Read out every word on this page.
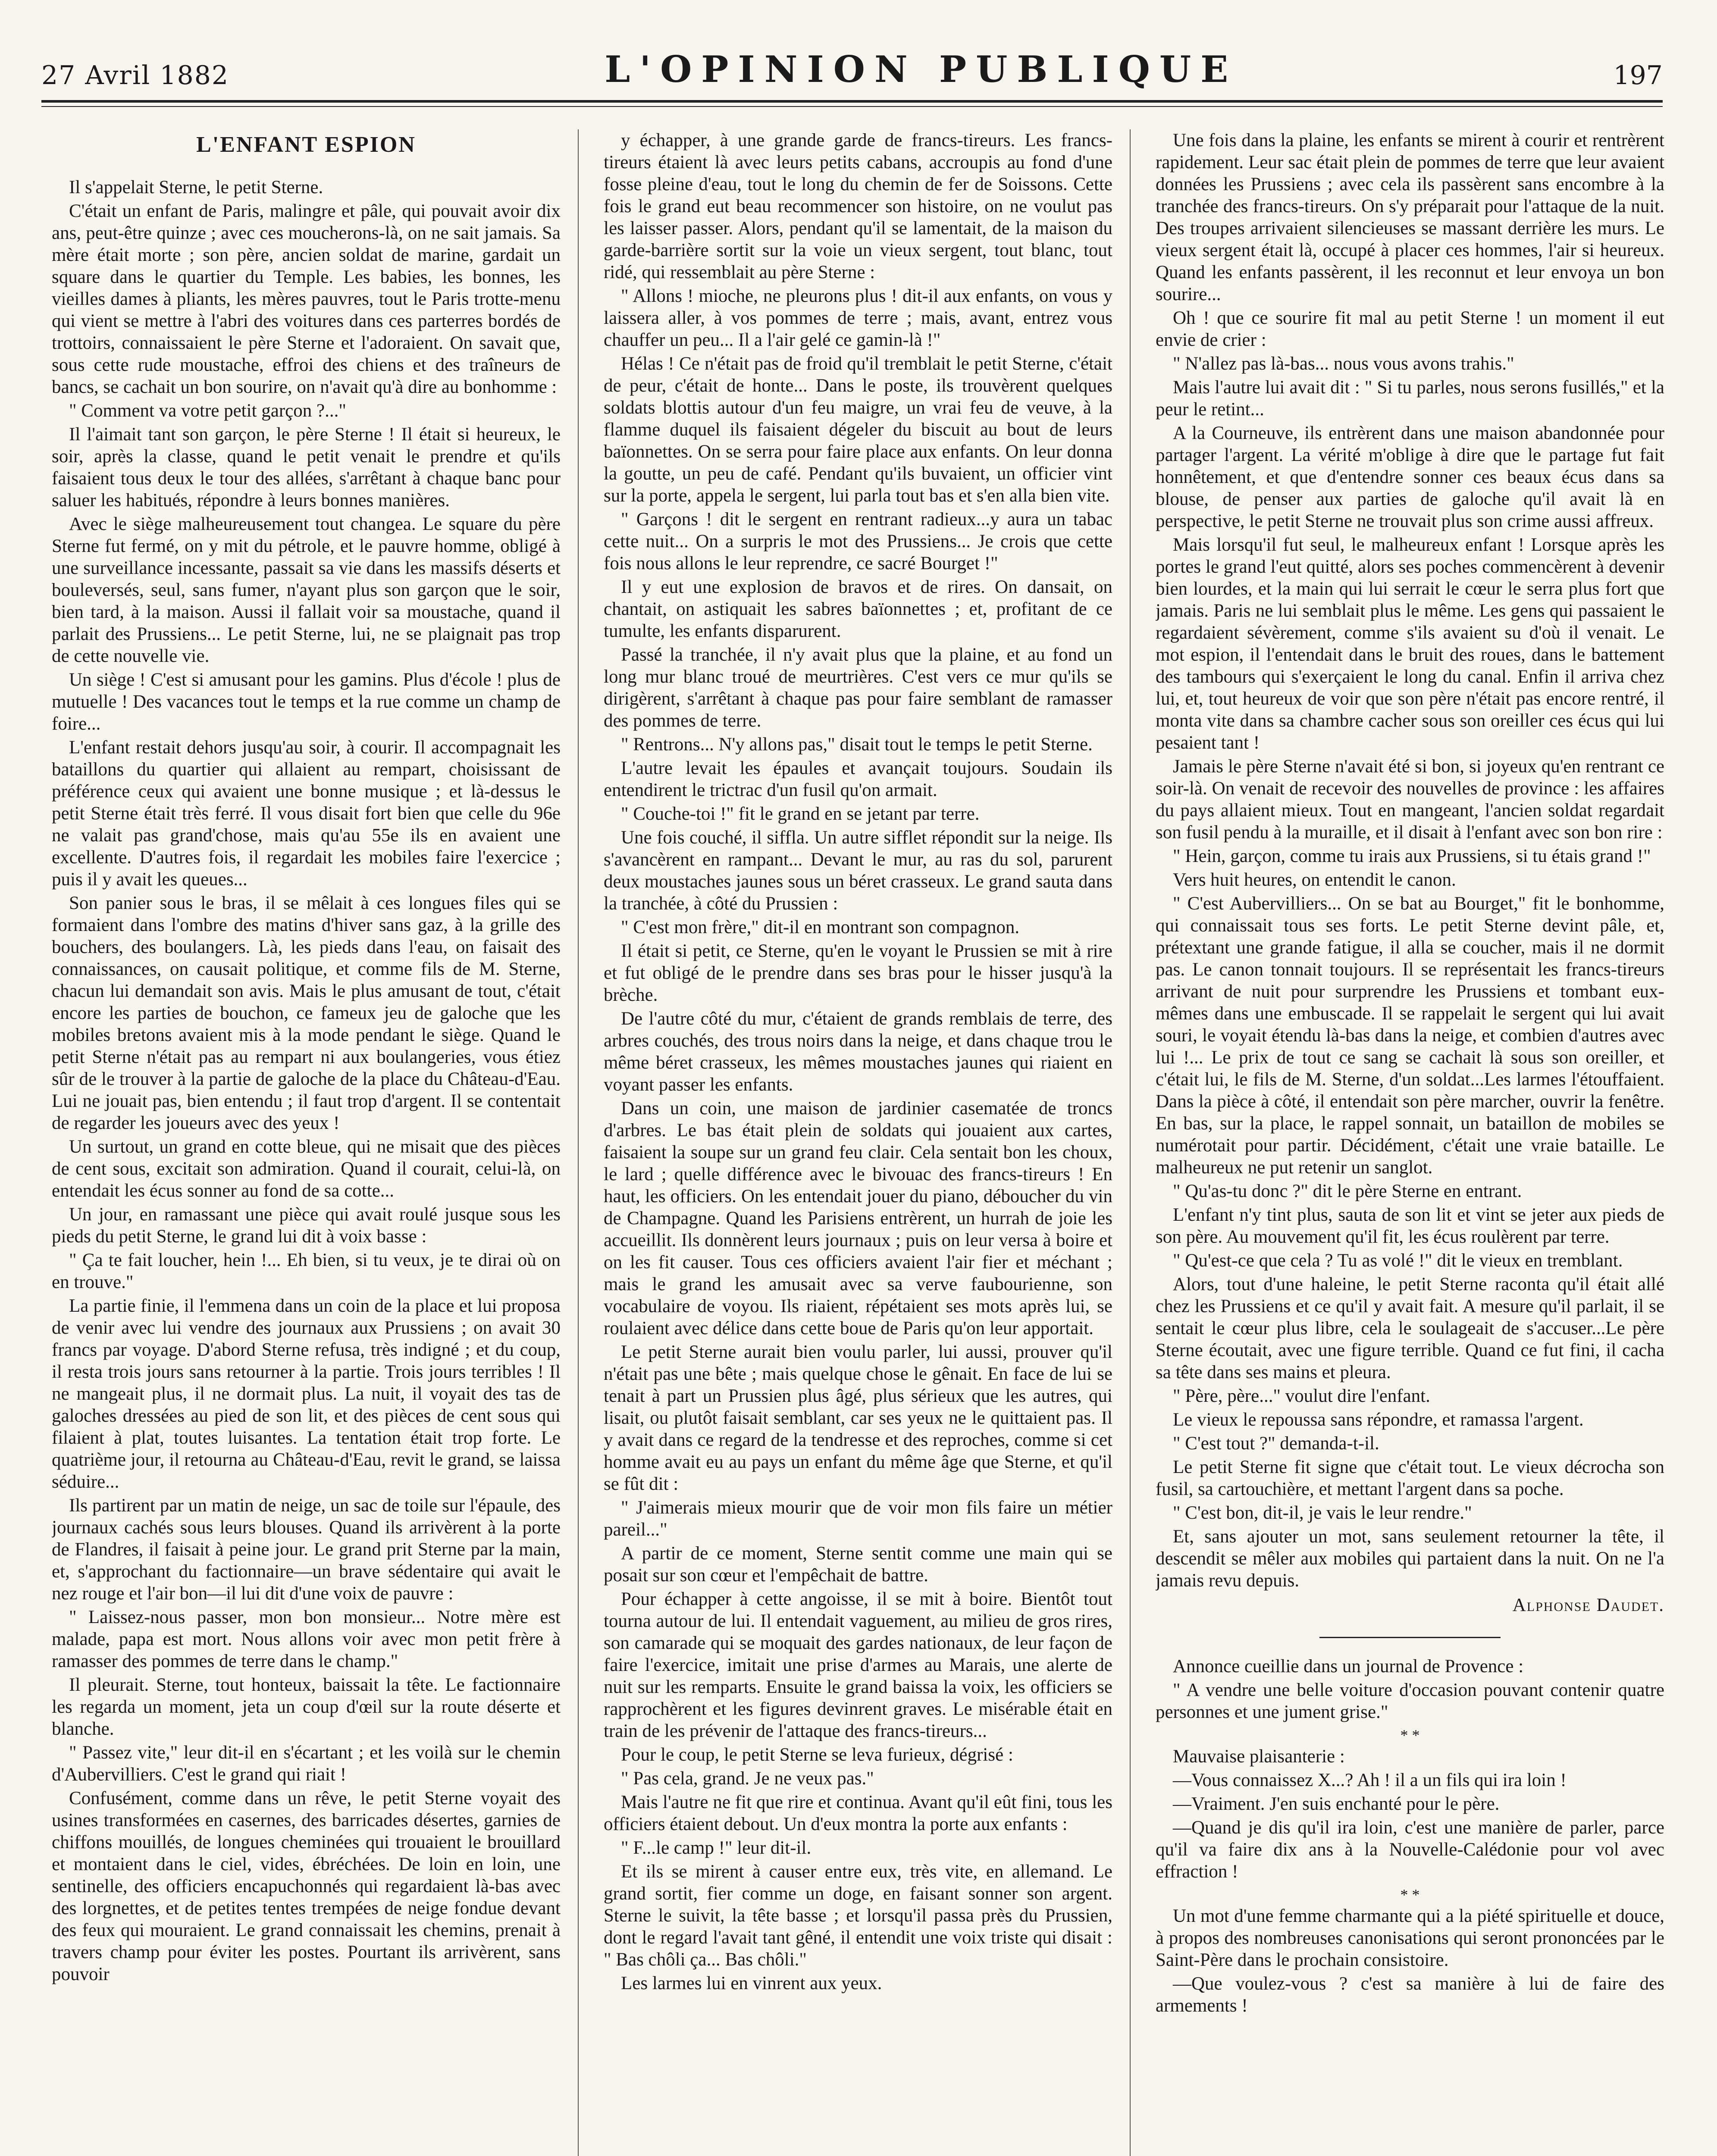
27 Avril 1882	L'OPINION PUBLIQUE	197
L'ENFANT ESPION

Il s'appelait Sterne, le petit Sterne.

C'était un enfant de Paris, malingre et pâle, qui pouvait avoir dix ans, peut-être quinze ; avec ces moucherons-là, on ne sait jamais. Sa mère était morte ; son père, ancien soldat de marine, gardait un square dans le quartier du Temple. Les babies, les bonnes, les vieilles dames à pliants, les mères pauvres, tout le Paris trotte-menu qui vient se mettre à l'abri des voitures dans ces parterres bordés de trottoirs, connaissaient le père Sterne et l'adoraient. On savait que, sous cette rude moustache, effroi des chiens et des traîneurs de bancs, se cachait un bon sourire, on n'avait qu'à dire au bonhomme :

" Comment va votre petit garçon ?..."

Il l'aimait tant son garçon, le père Sterne ! Il était si heureux, le soir, après la classe, quand le petit venait le prendre et qu'ils faisaient tous deux le tour des allées, s'arrêtant à chaque banc pour saluer les habitués, répondre à leurs bonnes manières.

Avec le siège malheureusement tout changea. Le square du père Sterne fut fermé, on y mit du pétrole, et le pauvre homme, obligé à une surveillance incessante, passait sa vie dans les massifs déserts et bouleversés, seul, sans fumer, n'ayant plus son garçon que le soir, bien tard, à la maison. Aussi il fallait voir sa moustache, quand il parlait des Prussiens... Le petit Sterne, lui, ne se plaignait pas trop de cette nouvelle vie.

Un siège ! C'est si amusant pour les gamins. Plus d'école ! plus de mutuelle ! Des vacances tout le temps et la rue comme un champ de foire...

L'enfant restait dehors jusqu'au soir, à courir. Il accompagnait les bataillons du quartier qui allaient au rempart, choisissant de préférence ceux qui avaient une bonne musique ; et là-dessus le petit Sterne était très ferré. Il vous disait fort bien que celle du 96e ne valait pas grand'chose, mais qu'au 55e ils en avaient une excellente. D'autres fois, il regardait les mobiles faire l'exercice ; puis il y avait les queues...

Son panier sous le bras, il se mêlait à ces longues files qui se formaient dans l'ombre des matins d'hiver sans gaz, à la grille des bouchers, des boulangers. Là, les pieds dans l'eau, on faisait des connaissances, on causait politique, et comme fils de M. Sterne, chacun lui demandait son avis. Mais le plus amusant de tout, c'était encore les parties de bouchon, ce fameux jeu de galoche que les mobiles bretons avaient mis à la mode pendant le siège. Quand le petit Sterne n'était pas au rempart ni aux boulangeries, vous étiez sûr de le trouver à la partie de galoche de la place du Château-d'Eau. Lui ne jouait pas, bien entendu ; il faut trop d'argent. Il se contentait de regarder les joueurs avec des yeux !

Un surtout, un grand en cotte bleue, qui ne misait que des pièces de cent sous, excitait son admiration. Quand il courait, celui-là, on entendait les écus sonner au fond de sa cotte...

Un jour, en ramassant une pièce qui avait roulé jusque sous les pieds du petit Sterne, le grand lui dit à voix basse :

" Ça te fait loucher, hein !... Eh bien, si tu veux, je te dirai où on en trouve."

La partie finie, il l'emmena dans un coin de la place et lui proposa de venir avec lui vendre des journaux aux Prussiens ; on avait 30 francs par voyage. D'abord Sterne refusa, très indigné ; et du coup, il resta trois jours sans retourner à la partie. Trois jours terribles ! Il ne mangeait plus, il ne dormait plus. La nuit, il voyait des tas de galoches dressées au pied de son lit, et des pièces de cent sous qui filaient à plat, toutes luisantes. La tentation était trop forte. Le quatrième jour, il retourna au Château-d'Eau, revit le grand, se laissa séduire...

Ils partirent par un matin de neige, un sac de toile sur l'épaule, des journaux cachés sous leurs blouses. Quand ils arrivèrent à la porte de Flandres, il faisait à peine jour. Le grand prit Sterne par la main, et, s'approchant du factionnaire—un brave sédentaire qui avait le nez rouge et l'air bon—il lui dit d'une voix de pauvre :

" Laissez-nous passer, mon bon monsieur... Notre mère est malade, papa est mort. Nous allons voir avec mon petit frère à ramasser des pommes de terre dans le champ."

Il pleurait. Sterne, tout honteux, baissait la tête. Le factionnaire les regarda un moment, jeta un coup d'œil sur la route déserte et blanche.

" Passez vite," leur dit-il en s'écartant ; et les voilà sur le chemin d'Aubervilliers. C'est le grand qui riait !

Confusément, comme dans un rêve, le petit Sterne voyait des usines transformées en casernes, des barricades désertes, garnies de chiffons mouillés, de longues cheminées qui trouaient le brouillard et montaient dans le ciel, vides, ébréchées. De loin en loin, une sentinelle, des officiers encapuchonnés qui regardaient là-bas avec des lorgnettes, et de petites tentes trempées de neige fondue devant des feux qui mouraient. Le grand connaissait les chemins, prenait à travers champ pour éviter les postes. Pourtant ils arrivèrent, sans pouvoir

y échapper, à une grande garde de francs-tireurs. Les francs-tireurs étaient là avec leurs petits cabans, accroupis au fond d'une fosse pleine d'eau, tout le long du chemin de fer de Soissons. Cette fois le grand eut beau recommencer son histoire, on ne voulut pas les laisser passer. Alors, pendant qu'il se lamentait, de la maison du garde-barrière sortit sur la voie un vieux sergent, tout blanc, tout ridé, qui ressemblait au père Sterne :

" Allons ! mioche, ne pleurons plus ! dit-il aux enfants, on vous y laissera aller, à vos pommes de terre ; mais, avant, entrez vous chauffer un peu... Il a l'air gelé ce gamin-là !"

Hélas ! Ce n'était pas de froid qu'il tremblait le petit Sterne, c'était de peur, c'était de honte... Dans le poste, ils trouvèrent quelques soldats blottis autour d'un feu maigre, un vrai feu de veuve, à la flamme duquel ils faisaient dégeler du biscuit au bout de leurs baïonnettes. On se serra pour faire place aux enfants. On leur donna la goutte, un peu de café. Pendant qu'ils buvaient, un officier vint sur la porte, appela le sergent, lui parla tout bas et s'en alla bien vite.

" Garçons ! dit le sergent en rentrant radieux...y aura un tabac cette nuit... On a surpris le mot des Prussiens... Je crois que cette fois nous allons le leur reprendre, ce sacré Bourget !"

Il y eut une explosion de bravos et de rires. On dansait, on chantait, on astiquait les sabres baïonnettes ; et, profitant de ce tumulte, les enfants disparurent.

Passé la tranchée, il n'y avait plus que la plaine, et au fond un long mur blanc troué de meurtrières. C'est vers ce mur qu'ils se dirigèrent, s'arrêtant à chaque pas pour faire semblant de ramasser des pommes de terre.

" Rentrons... N'y allons pas," disait tout le temps le petit Sterne.

L'autre levait les épaules et avançait toujours. Soudain ils entendirent le trictrac d'un fusil qu'on armait.

" Couche-toi !" fit le grand en se jetant par terre.

Une fois couché, il siffla. Un autre sifflet répondit sur la neige. Ils s'avancèrent en rampant... Devant le mur, au ras du sol, parurent deux moustaches jaunes sous un béret crasseux. Le grand sauta dans la tranchée, à côté du Prussien :

" C'est mon frère," dit-il en montrant son compagnon.

Il était si petit, ce Sterne, qu'en le voyant le Prussien se mit à rire et fut obligé de le prendre dans ses bras pour le hisser jusqu'à la brèche.

De l'autre côté du mur, c'étaient de grands remblais de terre, des arbres couchés, des trous noirs dans la neige, et dans chaque trou le même béret crasseux, les mêmes moustaches jaunes qui riaient en voyant passer les enfants.

Dans un coin, une maison de jardinier casematée de troncs d'arbres. Le bas était plein de soldats qui jouaient aux cartes, faisaient la soupe sur un grand feu clair. Cela sentait bon les choux, le lard ; quelle différence avec le bivouac des francs-tireurs ! En haut, les officiers. On les entendait jouer du piano, déboucher du vin de Champagne. Quand les Parisiens entrèrent, un hurrah de joie les accueillit. Ils donnèrent leurs journaux ; puis on leur versa à boire et on les fit causer. Tous ces officiers avaient l'air fier et méchant ; mais le grand les amusait avec sa verve faubourienne, son vocabulaire de voyou. Ils riaient, répétaient ses mots après lui, se roulaient avec délice dans cette boue de Paris qu'on leur apportait.

Le petit Sterne aurait bien voulu parler, lui aussi, prouver qu'il n'était pas une bête ; mais quelque chose le gênait. En face de lui se tenait à part un Prussien plus âgé, plus sérieux que les autres, qui lisait, ou plutôt faisait semblant, car ses yeux ne le quittaient pas. Il y avait dans ce regard de la tendresse et des reproches, comme si cet homme avait eu au pays un enfant du même âge que Sterne, et qu'il se fût dit :

" J'aimerais mieux mourir que de voir mon fils faire un métier pareil..."

A partir de ce moment, Sterne sentit comme une main qui se posait sur son cœur et l'empêchait de battre.

Pour échapper à cette angoisse, il se mit à boire. Bientôt tout tourna autour de lui. Il entendait vaguement, au milieu de gros rires, son camarade qui se moquait des gardes nationaux, de leur façon de faire l'exercice, imitait une prise d'armes au Marais, une alerte de nuit sur les remparts. Ensuite le grand baissa la voix, les officiers se rapprochèrent et les figures devinrent graves. Le misérable était en train de les prévenir de l'attaque des francs-tireurs...

Pour le coup, le petit Sterne se leva furieux, dégrisé :

" Pas cela, grand. Je ne veux pas."

Mais l'autre ne fit que rire et continua. Avant qu'il eût fini, tous les officiers étaient debout. Un d'eux montra la porte aux enfants :

" F...le camp !" leur dit-il.

Et ils se mirent à causer entre eux, très vite, en allemand. Le grand sortit, fier comme un doge, en faisant sonner son argent. Sterne le suivit, la tête basse ; et lorsqu'il passa près du Prussien, dont le regard l'avait tant gêné, il entendit une voix triste qui disait : " Bas chôli ça... Bas chôli."

Les larmes lui en vinrent aux yeux.

Une fois dans la plaine, les enfants se mirent à courir et rentrèrent rapidement. Leur sac était plein de pommes de terre que leur avaient données les Prussiens ; avec cela ils passèrent sans encombre à la tranchée des francs-tireurs. On s'y préparait pour l'attaque de la nuit. Des troupes arrivaient silencieuses se massant derrière les murs. Le vieux sergent était là, occupé à placer ces hommes, l'air si heureux. Quand les enfants passèrent, il les reconnut et leur envoya un bon sourire...

Oh ! que ce sourire fit mal au petit Sterne ! un moment il eut envie de crier :

" N'allez pas là-bas... nous vous avons trahis."

Mais l'autre lui avait dit : " Si tu parles, nous serons fusillés," et la peur le retint...

A la Courneuve, ils entrèrent dans une maison abandonnée pour partager l'argent. La vérité m'oblige à dire que le partage fut fait honnêtement, et que d'entendre sonner ces beaux écus dans sa blouse, de penser aux parties de galoche qu'il avait là en perspective, le petit Sterne ne trouvait plus son crime aussi affreux.

Mais lorsqu'il fut seul, le malheureux enfant ! Lorsque après les portes le grand l'eut quitté, alors ses poches commencèrent à devenir bien lourdes, et la main qui lui serrait le cœur le serra plus fort que jamais. Paris ne lui semblait plus le même. Les gens qui passaient le regardaient sévèrement, comme s'ils avaient su d'où il venait. Le mot espion, il l'entendait dans le bruit des roues, dans le battement des tambours qui s'exerçaient le long du canal. Enfin il arriva chez lui, et, tout heureux de voir que son père n'était pas encore rentré, il monta vite dans sa chambre cacher sous son oreiller ces écus qui lui pesaient tant !

Jamais le père Sterne n'avait été si bon, si joyeux qu'en rentrant ce soir-là. On venait de recevoir des nouvelles de province : les affaires du pays allaient mieux. Tout en mangeant, l'ancien soldat regardait son fusil pendu à la muraille, et il disait à l'enfant avec son bon rire :

" Hein, garçon, comme tu irais aux Prussiens, si tu étais grand !"

Vers huit heures, on entendit le canon.

" C'est Aubervilliers... On se bat au Bourget," fit le bonhomme, qui connaissait tous ses forts. Le petit Sterne devint pâle, et, prétextant une grande fatigue, il alla se coucher, mais il ne dormit pas. Le canon tonnait toujours. Il se représentait les francs-tireurs arrivant de nuit pour surprendre les Prussiens et tombant eux-mêmes dans une embuscade. Il se rappelait le sergent qui lui avait souri, le voyait étendu là-bas dans la neige, et combien d'autres avec lui !... Le prix de tout ce sang se cachait là sous son oreiller, et c'était lui, le fils de M. Sterne, d'un soldat...Les larmes l'étouffaient. Dans la pièce à côté, il entendait son père marcher, ouvrir la fenêtre. En bas, sur la place, le rappel sonnait, un bataillon de mobiles se numérotait pour partir. Décidément, c'était une vraie bataille. Le malheureux ne put retenir un sanglot.

" Qu'as-tu donc ?" dit le père Sterne en entrant.

L'enfant n'y tint plus, sauta de son lit et vint se jeter aux pieds de son père. Au mouvement qu'il fit, les écus roulèrent par terre.

" Qu'est-ce que cela ? Tu as volé !" dit le vieux en tremblant.

Alors, tout d'une haleine, le petit Sterne raconta qu'il était allé chez les Prussiens et ce qu'il y avait fait. A mesure qu'il parlait, il se sentait le cœur plus libre, cela le soulageait de s'accuser...Le père Sterne écoutait, avec une figure terrible. Quand ce fut fini, il cacha sa tête dans ses mains et pleura.

" Père, père..." voulut dire l'enfant.

Le vieux le repoussa sans répondre, et ramassa l'argent.

" C'est tout ?" demanda-t-il.

Le petit Sterne fit signe que c'était tout. Le vieux décrocha son fusil, sa cartouchière, et mettant l'argent dans sa poche.

" C'est bon, dit-il, je vais le leur rendre."

Et, sans ajouter un mot, sans seulement retourner la tête, il descendit se mêler aux mobiles qui partaient dans la nuit. On ne l'a jamais revu depuis.

Alphonse Daudet.

Annonce cueillie dans un journal de Provence :

" A vendre une belle voiture d'occasion pouvant contenir quatre personnes et une jument grise."

* *

Mauvaise plaisanterie :

—Vous connaissez X...? Ah ! il a un fils qui ira loin !

—Vraiment. J'en suis enchanté pour le père.

—Quand je dis qu'il ira loin, c'est une manière de parler, parce qu'il va faire dix ans à la Nouvelle-Calédonie pour vol avec effraction !

* *

Un mot d'une femme charmante qui a la piété spirituelle et douce, à propos des nombreuses canonisations qui seront prononcées par le Saint-Père dans le prochain consistoire.

—Que voulez-vous ? c'est sa manière à lui de faire des armements !
